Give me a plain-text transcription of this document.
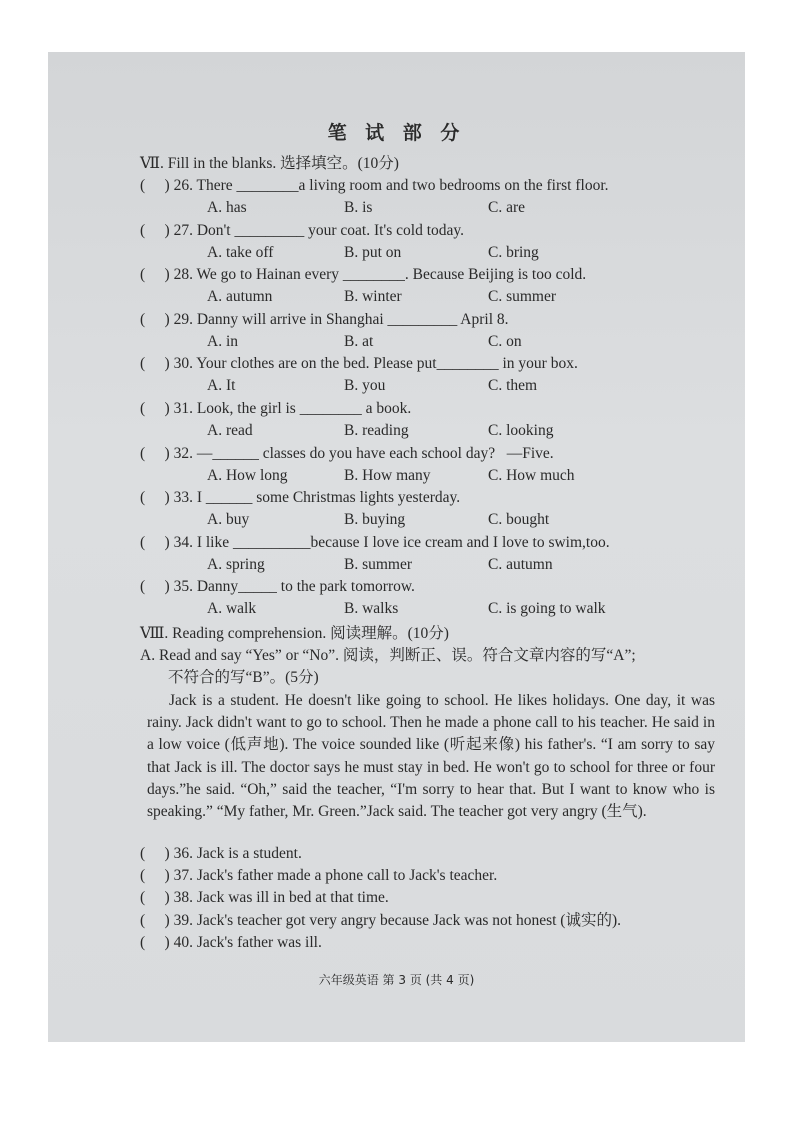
笔 试 部 分
Ⅶ. Fill in the blanks. 选择填空。(10分)
(     ) 26. There ________a living room and two bedrooms on the first floor.
A. has	B. is	C. are
(     ) 27. Don't _________ your coat. It's cold today.
A. take off	B. put on	C. bring
(     ) 28. We go to Hainan every ________. Because Beijing is too cold.
A. autumn	B. winter	C. summer
(     ) 29. Danny will arrive in Shanghai _________ April 8.
A. in	B. at	C. on
(     ) 30. Your clothes are on the bed. Please put________ in your box.
A. It	B. you	C. them
(     ) 31. Look, the girl is ________ a book.
A. read	B. reading	C. looking
(     ) 32. —______ classes do you have each school day?   —Five.
A. How long	B. How many	C. How much
(     ) 33. I ______ some Christmas lights yesterday.
A. buy	B. buying	C. bought
(     ) 34. I like __________because I love ice cream and I love to swim,too.
A. spring	B. summer	C. autumn
(     ) 35. Danny_____ to the park tomorrow.
A. walk	B. walks	C. is going to walk
Ⅷ. Reading comprehension. 阅读理解。(10分)
A. Read and say “Yes” or “No”. 阅读，判断正、误。符合文章内容的写“A”;
不符合的写“B”。(5分)
Jack is a student. He doesn't like going to school. He likes holidays. One day, it was rainy. Jack didn't want to go to school. Then he made a phone call to his teacher. He said in a low voice (低声地). The voice sounded like (听起来像) his father's. “I am sorry to say that Jack is ill. The doctor says he must stay in bed. He won't go to school for three or four days.”he said. “Oh,” said the teacher, “I'm sorry to hear that. But I want to know who is speaking.” “My father, Mr. Green.”Jack said. The teacher got very angry (生气).
(     ) 36. Jack is a student.
(     ) 37. Jack's father made a phone call to Jack's teacher.
(     ) 38. Jack was ill in bed at that time.
(     ) 39. Jack's teacher got very angry because Jack was not honest (诚实的).
(     ) 40. Jack's father was ill.
六年级英语 第 3 页 (共 4 页)
